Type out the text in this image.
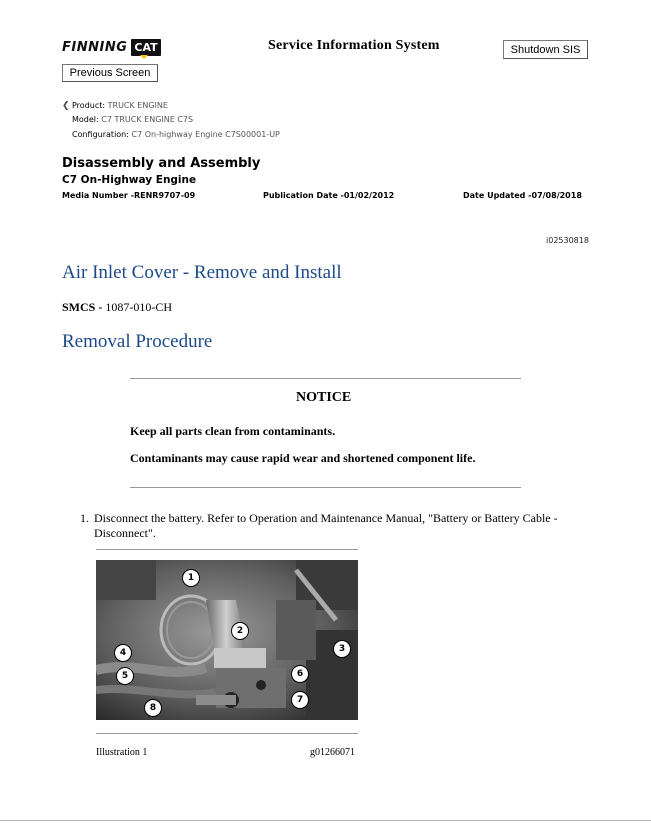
FINNING CAT	Service Information System	Shutdown SIS
Previous Screen
❮ Product: TRUCK ENGINE
Model: C7 TRUCK ENGINE C7S
Configuration: C7 On-highway Engine C7S00001-UP
Disassembly and Assembly
C7 On-Highway Engine
Media Number -RENR9707-09	Publication Date -01/02/2012	Date Updated -07/08/2018
i02530818
Air Inlet Cover - Remove and Install
SMCS - 1087-010-CH
Removal Procedure
NOTICE
Keep all parts clean from contaminants.
Contaminants may cause rapid wear and shortened component life.
1. Disconnect the battery. Refer to Operation and Maintenance Manual, "Battery or Battery Cable - Disconnect".
1
2
3
4
5	6
7
8
Illustration 1	g01266071
